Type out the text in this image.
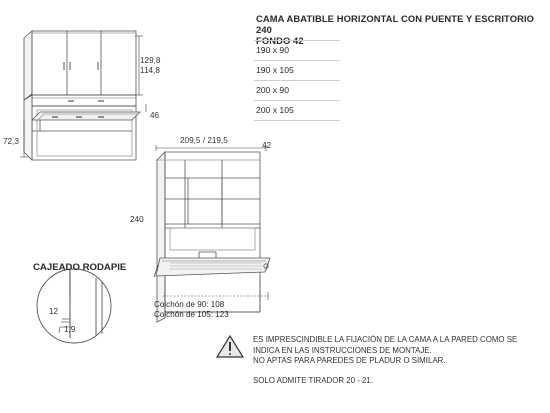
CAMA ABATIBLE HORIZONTAL CON PUENTE Y ESCRITORIO 240
FONDO 42
190 x 90
190 x 105
200 x 90
200 x 105
129,8
114,8
46
72,3	209,5 / 219,5
42
240
Colchón de 90: 108
Colchón de 105: 123
CAJEADO RODAPIE
12
1,9
ES IMPRESCINDIBLE LA FIJACIÓN DE LA CAMA A LA PARED COMO SE
INDICA EN LAS INSTRUCCIONES DE MONTAJE.
NO APTAS PARA PAREDES DE PLADUR O SIMILAR.
SOLO ADMITE TIRADOR 20 - 21.
